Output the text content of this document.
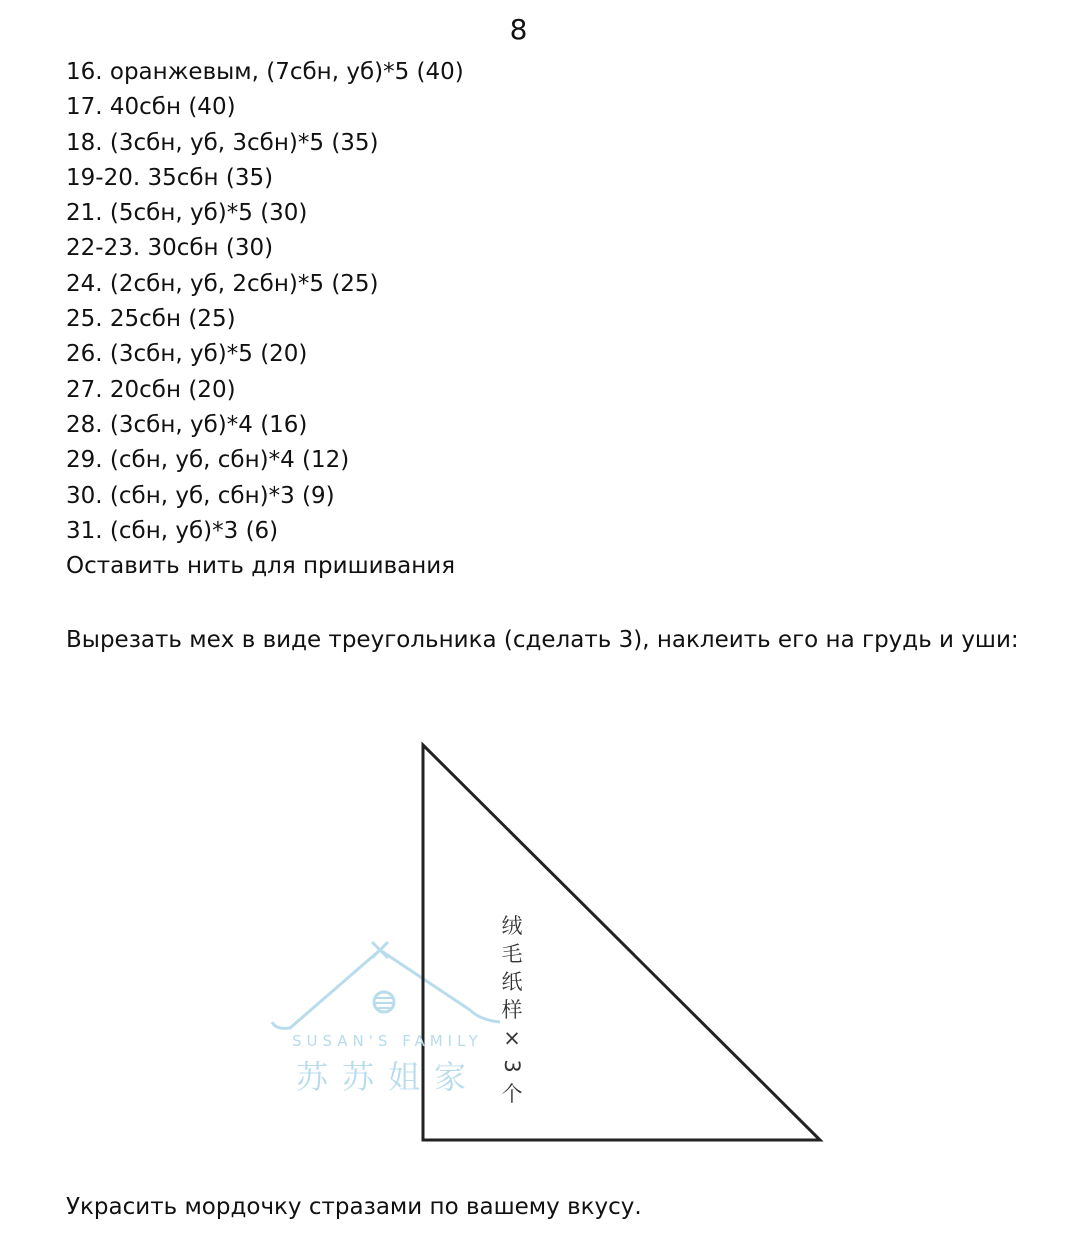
8
16. оранжевым, (7сбн, уб)*5 (40)
17. 40сбн (40)
18. (3сбн, уб, 3сбн)*5 (35)
19-20. 35сбн (35)
21. (5сбн, уб)*5 (30)
22-23. 30сбн (30)
24. (2сбн, уб, 2сбн)*5 (25)
25. 25сбн (25)
26. (3сбн, уб)*5 (20)
27. 20сбн (20)
28. (3сбн, уб)*4 (16)
29. (сбн, уб, сбн)*4 (12)
30. (сбн, уб, сбн)*3 (9)
31. (сбн, уб)*3 (6)
Оставить нить для пришивания
Вырезать мех в виде треугольника (сделать 3), наклеить его на грудь и уши:
SUSAN'S FAMILY
苏苏姐家
绒
毛
纸
样
×
3
个
Украсить мордочку стразами по вашему вкусу.
